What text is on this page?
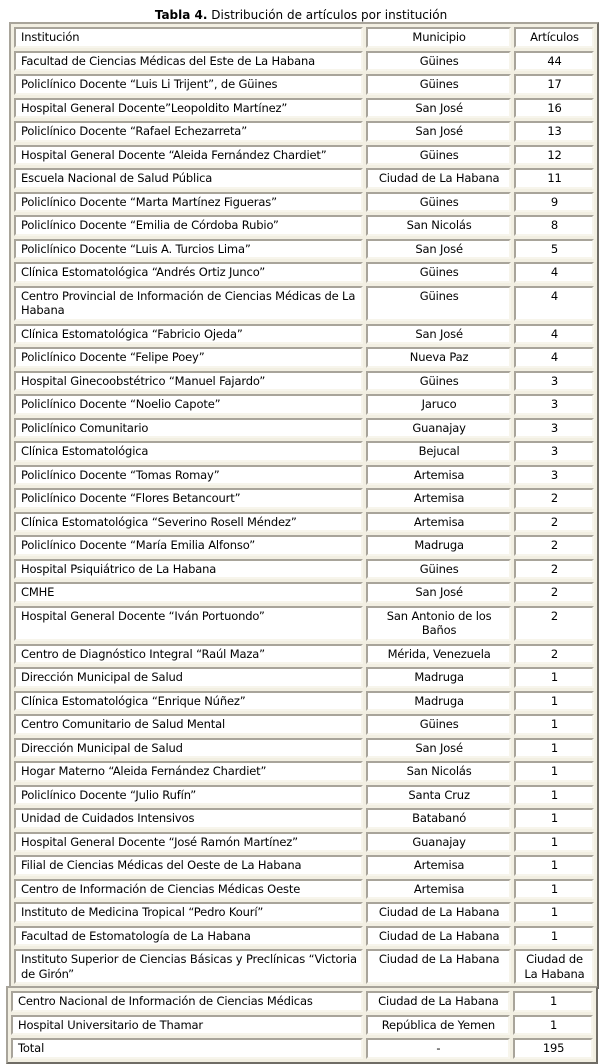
Tabla 4. Distribución de artículos por institución
Institución	Municipio	Artículos
Facultad de Ciencias Médicas del Este de La Habana	Güines	44
Policlínico Docente “Luis Li Trijent”, de Güines	Güines	17
Hospital General Docente”Leopoldito Martínez”	San José	16
Policlínico Docente “Rafael Echezarreta”	San José	13
Hospital General Docente “Aleida Fernández Chardiet”	Güines	12
Escuela Nacional de Salud Pública	Ciudad de La Habana	11
Policlínico Docente “Marta Martínez Figueras”	Güines	9
Policlínico Docente “Emilia de Córdoba Rubio”	San Nicolás	8
Policlínico Docente “Luis A. Turcios Lima”	San José	5
Clínica Estomatológica “Andrés Ortiz Junco”	Güines	4
Centro Provincial de Información de Ciencias Médicas de La Habana	Güines	4
Clínica Estomatológica “Fabricio Ojeda”	San José	4
Policlínico Docente “Felipe Poey”	Nueva Paz	4
Hospital Ginecoobstétrico “Manuel Fajardo”	Güines	3
Policlínico Docente “Noelio Capote”	Jaruco	3
Policlínico Comunitario	Guanajay	3
Clínica Estomatológica	Bejucal	3
Policlínico Docente “Tomas Romay”	Artemisa	3
Policlínico Docente “Flores Betancourt”	Artemisa	2
Clínica Estomatológica “Severino Rosell Méndez”	Artemisa	2
Policlínico Docente “María Emilia Alfonso”	Madruga	2
Hospital Psiquiátrico de La Habana	Güines	2
CMHE	San José	2
Hospital General Docente “Iván Portuondo”	San Antonio de los Baños	2
Centro de Diagnóstico Integral “Raúl Maza”	Mérida, Venezuela	2
Dirección Municipal de Salud	Madruga	1
Clínica Estomatológica “Enrique Núñez”	Madruga	1
Centro Comunitario de Salud Mental	Güines	1
Dirección Municipal de Salud	San José	1
Hogar Materno “Aleida Fernández Chardiet”	San Nicolás	1
Policlínico Docente “Julio Rufín”	Santa Cruz	1
Unidad de Cuidados Intensivos	Batabanó	1
Hospital General Docente “José Ramón Martínez”	Guanajay	1
Filial de Ciencias Médicas del Oeste de La Habana	Artemisa	1
Centro de Información de Ciencias Médicas Oeste	Artemisa	1
Instituto de Medicina Tropical “Pedro Kourí”	Ciudad de La Habana	1
Facultad de Estomatología de La Habana	Ciudad de La Habana	1
Instituto Superior de Ciencias Básicas y Preclínicas “Victoria de Girón”	Ciudad de La Habana	Ciudad de La Habana
Centro Nacional de Información de Ciencias Médicas	Ciudad de La Habana	1
Hospital Universitario de Thamar	República de Yemen	1
Total	-	195
